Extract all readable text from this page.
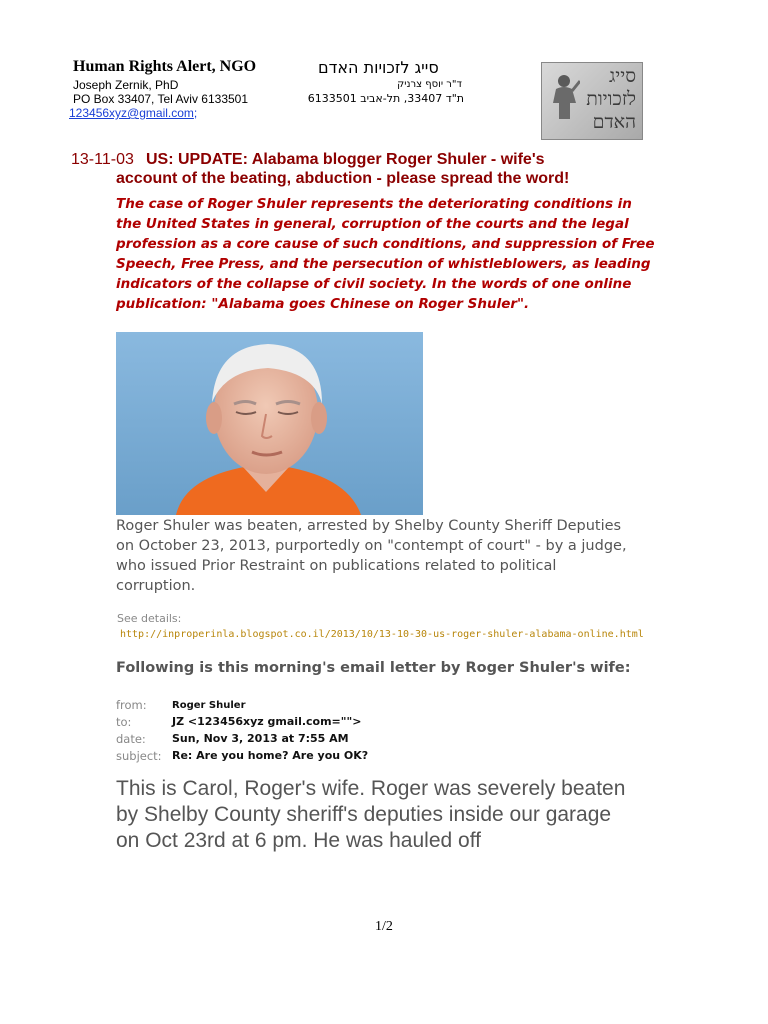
Human Rights Alert, NGO	סייג לזכויות האדם
Joseph Zernik, PhD	ד"ר יוסף צרניק
PO Box 33407, Tel Aviv 6133501	ת"ד 33407, תל-אביב 6133501
123456xyz@gmail.com;
סייג
לזכויות
האדם
13-11-03 US: UPDATE: Alabama blogger Roger Shuler - wife's
account of the beating, abduction - please spread the word!
The case of Roger Shuler represents the deteriorating conditions in the United States in general, corruption of the courts and the legal profession as a core cause of such conditions, and suppression of Free Speech, Free Press, and the persecution of whistleblowers, as leading indicators of the collapse of civil society. In the words of one online publication: "Alabama goes Chinese on Roger Shuler".
Roger Shuler was beaten, arrested by Shelby County Sheriff Deputies on October 23, 2013, purportedly on "contempt of court" - by a judge, who issued Prior Restraint on publications related to political corruption.
See details:
http://inproperinla.blogspot.co.il/2013/10/13-10-30-us-roger-shuler-alabama-online.html
Following is this morning's email letter by Roger Shuler's wife:
from:	Roger Shuler
to:	JZ <123456xyz gmail.com="">
date: Sun, Nov 3, 2013 at 7:55 AM
subject: Re: Are you home? Are you OK?
This is Carol, Roger's wife. Roger was severely beaten by Shelby County sheriff's deputies inside our garage on Oct 23rd at 6 pm. He was hauled off
1/2
